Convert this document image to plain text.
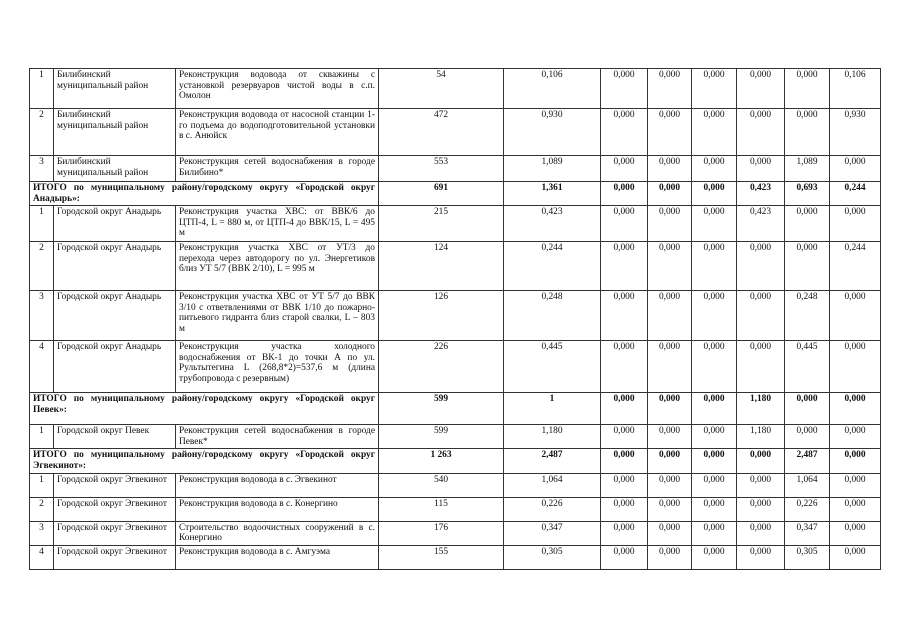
1	Билибинский муниципальный район	Реконструкция водовода от скважины с установкой резервуаров чистой воды в с.п. Омолон	54	0,106	0,000	0,000	0,000	0,000	0,000	0,106
2	Билибинский муниципальный район	Реконструкция водовода от насосной станции 1-го подъема до водоподготовительной установки в с. Анюйск	472	0,930	0,000	0,000	0,000	0,000	0,000	0,930
3	Билибинский муниципальный район	Реконструкция сетей водоснабжения в городе Билибино*	553	1,089	0,000	0,000	0,000	0,000	1,089	0,000
ИТОГО по муниципальному району/городскому округу «Городской округ Анадырь»:			691	1,361	0,000	0,000	0,000	0,423	0,693	0,244
1	Городской округ Анадырь	Реконструкция участка ХВС: от ВВК/6 до ЦТП-4, L = 880 м, от ЦТП-4 до ВВК/15, L = 495 м	215	0,423	0,000	0,000	0,000	0,423	0,000	0,000
2	Городской округ Анадырь	Реконструкция участка ХВС от УТ/3 до перехода через автодорогу по ул. Энергетиков близ УТ 5/7 (ВВК 2/10), L = 995 м	124	0,244	0,000	0,000	0,000	0,000	0,000	0,244
3	Городской округ Анадырь	Реконструкция участка ХВС от УТ 5/7 до ВВК 3/10 с ответвлениями от ВВК 1/10 до пожарно-питьевого гидранта близ старой свалки, L – 803 м	126	0,248	0,000	0,000	0,000	0,000	0,248	0,000
4	Городской округ Анадырь	Реконструкция участка холодного водоснабжения от ВК-1 до точки А по ул. Рультытегина L (268,8*2)=537,6 м (длина трубопровода с резервным)	226	0,445	0,000	0,000	0,000	0,000	0,445	0,000
ИТОГО по муниципальному району/городскому округу «Городской округ Певек»:			599	1	0,000	0,000	0,000	1,180	0,000	0,000
1	Городской округ Певек	Реконструкция сетей водоснабжения в городе Певек*	599	1,180	0,000	0,000	0,000	1,180	0,000	0,000
ИТОГО по муниципальному району/городскому округу «Городской округ Эгвекинот»:			1 263	2,487	0,000	0,000	0,000	0,000	2,487	0,000
1	Городской округ Эгвекинот	Реконструкция водовода в с. Эгвекинот	540	1,064	0,000	0,000	0,000	0,000	1,064	0,000
2	Городской округ Эгвекинот	Реконструкция водовода в с. Конергино	115	0,226	0,000	0,000	0,000	0,000	0,226	0,000
3	Городской округ Эгвекинот	Строительство водоочистных сооружений в с. Конергино	176	0,347	0,000	0,000	0,000	0,000	0,347	0,000
4	Городской округ Эгвекинот	Реконструкция водовода в с. Амгуэма	155	0,305	0,000	0,000	0,000	0,000	0,305	0,000
